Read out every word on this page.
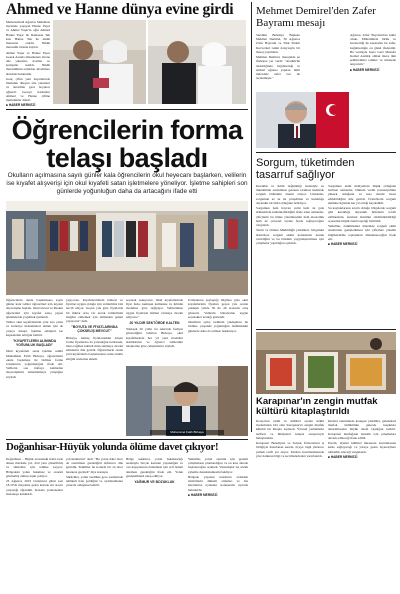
Ahmed ve Hanne dünya evine girdi

Merkezefendi Ağustos Mahallesi ilçesinde yaşayan Hanne Yaşar ve Ahmet Yaşar'ın oğlu Ahmed Hanne Yaşar ile Ramazan Tek kızı Hanne Tek ile nikâh masasına oturdu. Nikâh merasimi törenle kıyıldı.

Ahmet Yaşar ve Hanne Yaşar Gezek Asında düzenlenen törene aile yakınları, dostları ve komşular katıldı. Nikâh merasiminin ardından davetlilere ikramda bulunuldu.

Genç çiftin yeni hayatlarında mutluluk dileyen aile yakınları ve davetliler gece boyunca eğlendi. Geceye katılanlar Ahmed ve Hanne çiftine mutluluklar diledi.

■ HABER MERKEZİ
Öğrencilerin forma
telaşı başladı
Okulların açılmasına sayılı günler kala öğrencilerin okul heyecanı başlarken, velilerin ise kıyafet alışverişi için okul kıyafeti satan işletmelere yöneliyor. İşletme sahipleri son günlerde yoğunluğun daha da artacağını ifade etti

Öğrencilerin okula başlamasına sayılı günler kala veliler öğrencileri için kıyafet alışverişine başladı. Okul öncesi ve ilkokul öğrencileri için kıyafet satışı yapan işletmelerde yoğunluk gözlendi.

Veliler okul kıyafetlerinin yanı sıra çanta ve kırtasiye malzemeleri almak için de çarşıyı dolaştı. İşletme sahipleri ise kapasitenin arttığını belirtti.

"KIYAFETLERİN ALIMINDA YOĞUNLUK BAŞLADI"

Okul kıyafetleri satan işletme sahibi Muhammet Fatih Birkaya, öğrencilerin okula başlaması ile birlikte forma satışlarının yoğunlaştığını ifade etti. Velilerin son haftaya kalmadan alışverişlerini tamamlamaya çalıştığını söyledi.

yaşıyoruz. Kıyafetlerimizin kalitesi ve fiyatları uygun olduğu için velilerimiz bizi tercih ediyor. Geçen yıla göre fiyatlarda bir miktar artış var ancak velilerimizi mağdur etmemek için elimizden geleni yapıyoruz" dedi.

"BOYUTA VE FİYATLARINDA ÇOKSELİŞ MEVCUT"

Birkaya, kumaş fiyatlarındaki artışın forma fiyatlarına da yansıdığını belirterek, buna rağmen kaliteli ürün sunmaya devam ettiklerini dile getirdi. Öğrencilerin okula yeni kıyafetlerle başlamasının onları mutlu ettiğini sözlerine ekledi.

seçenek sunuyoruz. Okul kıyafetlerinde fiyat farkı, kumaşın kalitesine ve ürünün modeline göre değişiyor. Velilerimize uygun fiyatlarla hizmet vermeye devam ediyoruz."

20 YILDIR SEKTÖRDE KALTEN

Yaklaşık 20 yıldır bu sektörde faaliyet gösterdiğini belirten Birkaya, okul kıyafetlerinde her yıl yeni modeller ürettiklerini ve öğrenci velilerinin taleplerine göre çalıştıklarını söyledi.

Uzmanların paylaştığı bilgilere göre okul kıyafetlerinin fiyatları geçen yıla oranla yaklaşık yüzde 30 ile 40 arasında artış gösterdi. Velilerin bütçelerine uygun seçenekler aradığı gözlendi.

Okulların açılış tarihinin yaklaşması ile birlikte çarşıdaki yoğunluğun önümüzdeki günlerde daha da artması bekleniyor.

Muhammet Fatih Birkaya
Mehmet Demirel'den Zafer Bayramı mesajı

Sandıklı Belediye Başkanı Mehmet Demirel, 30 Ağustos Zafer Bayramı ve Türk Silahlı Kuvvetleri Günü dolayısıyla bir mesaj yayımladı.

Mehmet Demirel, mesajında şu ifadelere yer verdi: "Atatürk'ün önderliğinde, bağımsızlığı ve istiklal uğruna yapılan milli mücadele zafer tacı ile taçlanmıştır."

Ağustos Zafer Bayramı'nın kutlu olsun. Milletimizin birlik ve beraberliği ile kazanılan bu zafer, bağımsızlığın en güzel ifadesidir. Bu vesileyle başta Gazi Mustafa Kemal Atatürk olmak üzere tüm şehitlerimizi rahmet ve minnetle anıyorum."

■ HABER MERKEZİ
Sorgum, tüketimden
tasarruf sağlıyor

Kuraklık ve iklim değişikliği nedeniyle su tüketiminin azaltılması gereken tarımsal üretimde sorgum bitkisinin önemi artıyor. Uzmanlar, sorgumun az su ile yetişebilen ve kuraklığa dayanıklı bir bitki olduğunu belirtiyor.

Sorgumun hem hayvan yemi hem de gıda ürünlerinde kullanılabildiğini ifade eden uzmanlar, çiftçilerin bu ürüne yönelmesinin hem ekonomik hem de çevresel açıdan fayda sağlayacağını vurguladı.

Tarım ve Orman Müdürlüğü yetkilileri, bölgedeki üreticilere sorgum ekimi konusunda destek verildiğini ve bu bitkinin yaygınlaştırılması için çalışmalar yapıldığını açıkladı.

Sorgumun ekim maliyetinin düşük olduğunu belirten uzmanlar, bitkinin verim potansiyelinin yüksek olduğunu ve kısa sürede hasat edilebildiğini dile getirdi. Üreticilerin sorgum ekimine ilgisinin her yıl arttığı kaydedildi.

Su kaynaklarının sınırlı olduğu bölgelerde sorgum gibi kuraklığa dayanıklı ürünlerin tercih edilmesinin, tarımsal üretimin sürdürülebilirliği açısından büyük önem taşıdığı belirtildi.

Yetkililer, önümüzdeki dönemde sorgum ekim alanlarının genişletilmesi için çiftçilere yönelik bilgilendirme toplantıları düzenleneceğini ifade etti.

■ HABER MERKEZİ
Karapınar'ın zengin mutfak
kültürü kitaplaştırıldı

Konya'nın tarihi ve kültürel açıdan köklü ilçelerinden biri olan Karapınar'ın zengin mutfak kültürü bir kitapta toplandı. Yöresel yemeklerin tarifleri ve hikâyeleri kitapta okuyucuyla buluşturuldu.

Karapınar Belediyesi ve Selçuk Üniversitesi iş birliğiyle hazırlanan eserde, ilçeye özgü yüzlerce yemek tarifi yer alıyor. Kitabın hazırlanmasında yöre halkının bilgi ve tecrübelerinden yararlanıldı.

Kitabın tanıtımında konuşan yetkililer, geleneksel mutfak kültürünün gelecek kuşaklara aktarılmasının büyük önem taşıdığını belirtti. Karapınar mutfağının tanıtımı için çalışmalara devam edileceği ifade edildi.

Eserin, ilçenin kültürel mirasının korunmasına katkı sağlayacağı ve yöreye gelen ziyaretçilere rehberlik edeceği vurgulandı.

■ HABER MERKEZİ
Doğanhisar-Hüyük yolunda ölüme davet çıkıyor!

Doğanhisar - Hüyük arasındaki Kaba bele denen mevkide yol, dört yanı çökertilmiş ve sürücüler için tehlike saçıyor. Bölgedeki yolun bakımsız ve onarım görmemiş olması tepki çekiyor.

23 Ağustos 2023 Cumartesi günü saat 18.10'da meydana gelen kazada iki aracın çarpıştığı öğrenildi. Kazada yaralananlar hastaneye kaldırıldı.

yolculuklarını" dedi. "Bu yolun daha önce de onarılması gerektiğini defalarca dile getirdik. Yetkililer bu konuda bir an önce harekete geçmeli" diye konuştu.

Sürücüler, yolun özellikle gece saatlerinde tehlikeli hale geldiğini ve aydınlatmanın yetersiz olduğunu belirtti.

Bölge sakinleri, yolun bakımsızlığı nedeniyle birçok kazanın yaşandığını ve can kayıplarının önlenmesi için acil önlem alınması gerektiğini ifade etti. Yolun genişletilmesi talep ediliyor.

YAĞMUR VE BOZUKLUK

Yetkililer, yolun onarımı için gerekli çalışmaların planlandığını ve en kısa sürede başlanacağını açıkladı. Vatandaşlar ise sözün eylemle desteklenmesini bekliyor.

Bölgede yaşanan kazaların ardından sürücülerin dikkatli olmaları ve hız kurallarına uymaları konusunda uyarıda bulunuldu.

■ HABER MERKEZİ
